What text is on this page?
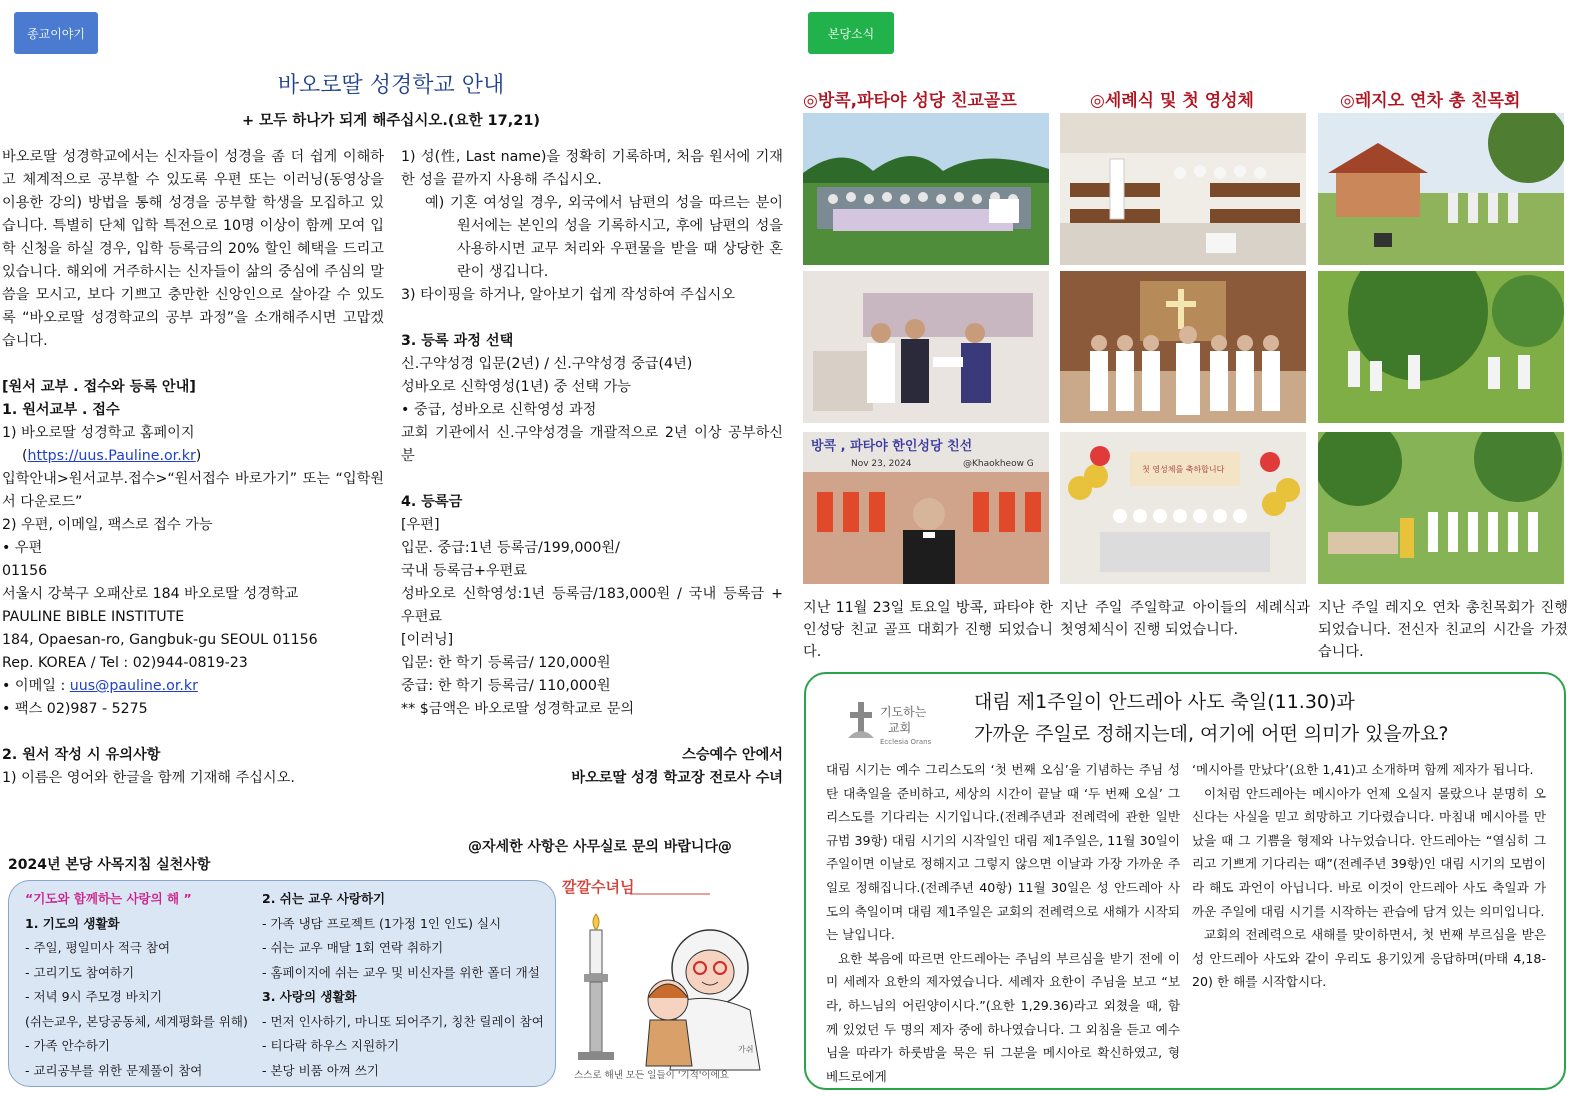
종교이야기
바오로딸 성경학교 안내
+ 모두 하나가 되게 해주십시오.(요한 17,21)

바오로딸 성경학교에서는 신자들이 성경을 좀 더 쉽게 이해하고 체계적으로 공부할 수 있도록 우편 또는 이러닝(동영상을 이용한 강의) 방법을 통해 성경을 공부할 학생을 모집하고 있습니다. 특별히 단체 입학 특전으로 10명 이상이 함께 모여 입학 신청을 하실 경우, 입학 등록금의 20% 할인 혜택을 드리고 있습니다. 해외에 거주하시는 신자들이 삶의 중심에 주심의 말씀을 모시고, 보다 기쁘고 충만한 신앙인으로 살아갈 수 있도록 “바오로딸 성경학교의 공부 과정”을 소개해주시면 고맙겠습니다.

[원서 교부 . 접수와 등록 안내]

1. 원서교부 . 접수

1) 바오로딸 성경학교 홈페이지

(https://uus.Pauline.or.kr)

입학안내>원서교부.접수>“원서접수 바로가기” 또는 “입학원서 다운로드”

2) 우편, 이메일, 팩스로 접수 가능

• 우편

01156

서울시 강북구 오패산로 184 바오로딸 성경학교

PAULINE BIBLE INSTITUTE

184, Opaesan-ro, Gangbuk-gu SEOUL 01156

Rep. KOREA / Tel : 02)944-0819-23

• 이메일 : uus@pauline.or.kr

• 팩스 02)987 - 5275

2. 원서 작성 시 유의사항

1) 이름은 영어와 한글을 함께 기재해 주십시오.

1) 성(性, Last name)을 정확히 기록하며, 처음 원서에 기재한 성을 끝까지 사용해 주십시오.

예) 기혼 여성일 경우, 외국에서 남편의 성을 따르는 분이 원서에는 본인의 성을 기록하시고, 후에 남편의 성을 사용하시면 교무 처리와 우편물을 받을 때 상당한 혼란이 생깁니다.

3) 타이핑을 하거나, 알아보기 쉽게 작성하여 주십시오

3. 등록 과정 선택

신.구약성경 입문(2년) / 신.구약성경 중급(4년)

성바오로 신학영성(1년) 중 선택 가능

• 중급, 성바오로 신학영성 과정

교회 기관에서 신.구약성경을 개괄적으로 2년 이상 공부하신 분

4. 등록금

[우편]

입문. 중급:1년 등록금/199,000원/

국내 등록금+우편료

성바오로 신학영성:1년 등록금/183,000원 / 국내 등록금 + 우편료

[이러닝]

입문: 한 학기 등록금/ 120,000원

중급: 한 학기 등록금/ 110,000원

** $금액은 바오로딸 성경학교로 문의

스승예수 안에서

바오로딸 성경 학교장 전로사 수녀

@자세한 사항은 사무실로 문의 바랍니다@
2024년 본당 사목지침 실천사항

“기도와 함께하는 사랑의 해 ”

1. 기도의 생활화

- 주일, 평일미사 적극 참여

- 고리기도 참여하기

- 저녁 9시 주모경 바치기

(쉬는교우, 본당공동체, 세계평화를 위해)

- 가족 안수하기

- 교리공부를 위한 문제풀이 참여

2. 쉬는 교우 사랑하기

- 가족 냉담 프로젝트 (1가정 1인 인도) 실시

- 쉬는 교우 매달 1회 연락 취하기

- 홈페이지에 쉬는 교우 및 비신자를 위한 폴더 개설

3. 사랑의 생활화

- 먼저 인사하기, 마니또 되어주기, 칭찬 릴레이 참여

- 티다락 하우스 지원하기

- 본당 비품 아껴 쓰기

깔깔수녀님
가쉬
스스로 해낸 모든 일들이 '기적'이에요
본당소식
◎방콕,파타야 성당 친교골프	◎세례식 및 첫 영성체	◎레지오 연차 총 친목회
방콕 , 파타야 한인성당 친선
Nov 23, 2024	@Khaokheow G
첫 영성체를 축하합니다
지난 11월 23일 토요일 방콕, 파타야 한인성당 친교 골프 대회가 진행 되었습니다.
지난 주일 주일학교 아이들의 세례식과 첫영체식이 진행 되었습니다.
지난 주일 레지오 연차 총친목회가 진행되었습니다. 전신자 친교의 시간을 가졌습니다.
기도하는
교회
Ecclesia Orans
대림 제1주일이 안드레아 사도 축일(11.30)과
가까운 주일로 정해지는데, 여기에 어떤 의미가 있을까요?

대림 시기는 예수 그리스도의 ‘첫 번째 오심’을 기념하는 주님 성탄 대축일을 준비하고, 세상의 시간이 끝날 때 ‘두 번째 오실’ 그리스도를 기다리는 시기입니다.(전례주년과 전례력에 관한 일반규범 39항) 대림 시기의 시작일인 대림 제1주일은, 11월 30일이 주일이면 이날로 정해지고 그렇지 않으면 이날과 가장 가까운 주일로 정해집니다.(전례주년 40항) 11월 30일은 성 안드레아 사도의 축일이며 대림 제1주일은 교회의 전례력으로 새해가 시작되는 날입니다.

요한 복음에 따르면 안드레아는 주님의 부르심을 받기 전에 이미 세례자 요한의 제자였습니다. 세례자 요한이 주님을 보고 “보라, 하느님의 어린양이시다.”(요한 1,29.36)라고 외쳤을 때, 함께 있었던 두 명의 제자 중에 하나였습니다. 그 외침을 듣고 예수님을 따라가 하룻밤을 묵은 뒤 그분을 메시아로 확신하였고, 형 베드로에게

‘메시아를 만났다’(요한 1,41)고 소개하며 함께 제자가 됩니다.

이처럼 안드레아는 메시아가 언제 오실지 몰랐으나 분명히 오신다는 사실을 믿고 희망하고 기다렸습니다. 마침내 메시아를 만났을 때 그 기쁨을 형제와 나누었습니다. 안드레아는 “열심히 그리고 기쁘게 기다리는 때”(전례주년 39항)인 대림 시기의 모범이라 해도 과언이 아닙니다. 바로 이것이 안드레아 사도 축일과 가까운 주일에 대림 시기를 시작하는 관습에 담겨 있는 의미입니다.

교회의 전례력으로 새해를 맞이하면서, 첫 번째 부르심을 받은 성 안드레아 사도와 같이 우리도 용기있게 응답하며(마태 4,18-20) 한 해를 시작합시다.
